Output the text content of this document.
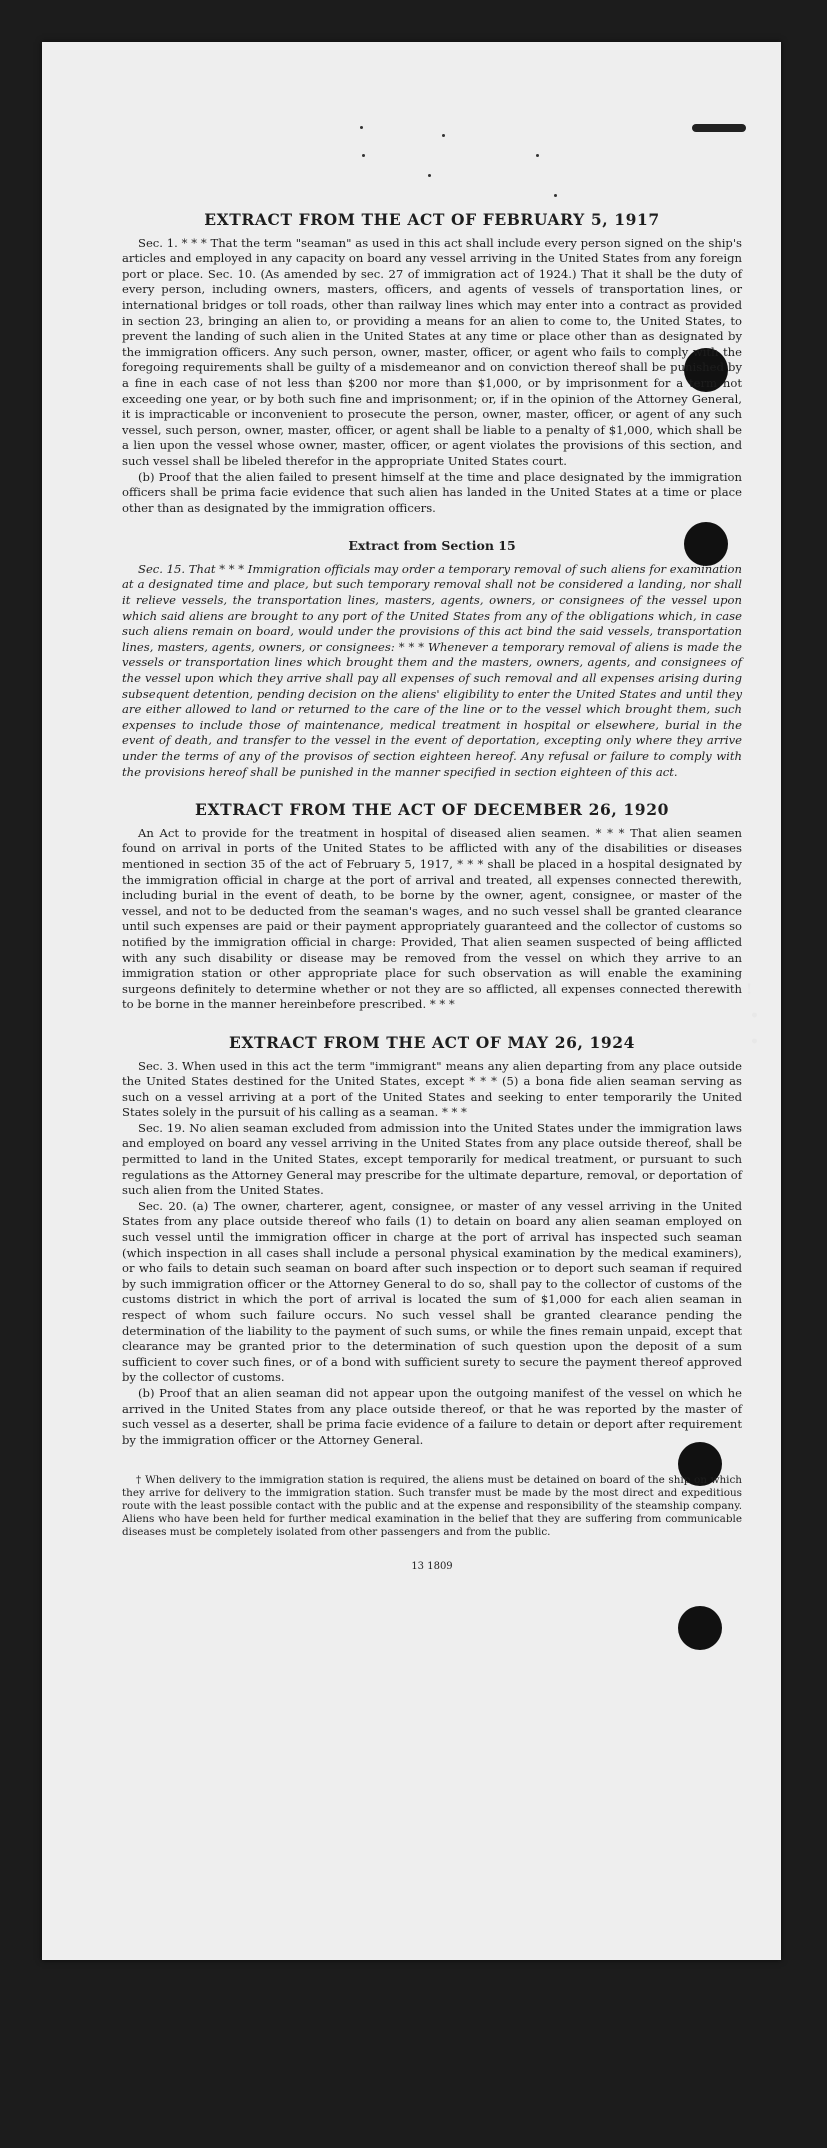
EXTRACT FROM THE ACT OF FEBRUARY 5, 1917

Sec. 1. * * * That the term "seaman" as used in this act shall include every person signed on the ship's articles and employed in any capacity on board any vessel arriving in the United States from any foreign port or place. Sec. 10. (As amended by sec. 27 of immigration act of 1924.) That it shall be the duty of every person, including owners, masters, officers, and agents of vessels of transportation lines, or international bridges or toll roads, other than railway lines which may enter into a contract as provided in section 23, bringing an alien to, or providing a means for an alien to come to, the United States, to prevent the landing of such alien in the United States at any time or place other than as designated by the immigration officers. Any such person, owner, master, officer, or agent who fails to comply with the foregoing requirements shall be guilty of a misdemeanor and on conviction thereof shall be punished by a fine in each case of not less than $200 nor more than $1,000, or by imprisonment for a term not exceeding one year, or by both such fine and imprisonment; or, if in the opinion of the Attorney General, it is impracticable or inconvenient to prosecute the person, owner, master, officer, or agent of any such vessel, such person, owner, master, officer, or agent shall be liable to a penalty of $1,000, which shall be a lien upon the vessel whose owner, master, officer, or agent violates the provisions of this section, and such vessel shall be libeled therefor in the appropriate United States court.

(b) Proof that the alien failed to present himself at the time and place designated by the immigration officers shall be prima facie evidence that such alien has landed in the United States at a time or place other than as designated by the immigration officers.

Extract from Section 15

Sec. 15. That * * * Immigration officials may order a temporary removal of such aliens for examination at a designated time and place, but such temporary removal shall not be considered a landing, nor shall it relieve vessels, the transportation lines, masters, agents, owners, or consignees of the vessel upon which said aliens are brought to any port of the United States from any of the obligations which, in case such aliens remain on board, would under the provisions of this act bind the said vessels, transportation lines, masters, agents, owners, or consignees: * * * Whenever a temporary removal of aliens is made the vessels or transportation lines which brought them and the masters, owners, agents, and consignees of the vessel upon which they arrive shall pay all expenses of such removal and all expenses arising during subsequent detention, pending decision on the aliens' eligibility to enter the United States and until they are either allowed to land or returned to the care of the line or to the vessel which brought them, such expenses to include those of maintenance, medical treatment in hospital or elsewhere, burial in the event of death, and transfer to the vessel in the event of deportation, excepting only where they arrive under the terms of any of the provisos of section eighteen hereof. Any refusal or failure to comply with the provisions hereof shall be punished in the manner specified in section eighteen of this act.

EXTRACT FROM THE ACT OF DECEMBER 26, 1920

An Act to provide for the treatment in hospital of diseased alien seamen. * * * That alien seamen found on arrival in ports of the United States to be afflicted with any of the disabilities or diseases mentioned in section 35 of the act of February 5, 1917, * * * shall be placed in a hospital designated by the immigration official in charge at the port of arrival and treated, all expenses connected therewith, including burial in the event of death, to be borne by the owner, agent, consignee, or master of the vessel, and not to be deducted from the seaman's wages, and no such vessel shall be granted clearance until such expenses are paid or their payment appropriately guaranteed and the collector of customs so notified by the immigration official in charge: Provided, That alien seamen suspected of being afflicted with any such disability or disease may be removed from the vessel on which they arrive to an immigration station or other appropriate place for such observation as will enable the examining surgeons definitely to determine whether or not they are so afflicted, all expenses connected therewith to be borne in the manner hereinbefore prescribed. * * *

EXTRACT FROM THE ACT OF MAY 26, 1924

Sec. 3. When used in this act the term "immigrant" means any alien departing from any place outside the United States destined for the United States, except * * * (5) a bona fide alien seaman serving as such on a vessel arriving at a port of the United States and seeking to enter temporarily the United States solely in the pursuit of his calling as a seaman. * * *

Sec. 19. No alien seaman excluded from admission into the United States under the immigration laws and employed on board any vessel arriving in the United States from any place outside thereof, shall be permitted to land in the United States, except temporarily for medical treatment, or pursuant to such regulations as the Attorney General may prescribe for the ultimate departure, removal, or deportation of such alien from the United States.

Sec. 20. (a) The owner, charterer, agent, consignee, or master of any vessel arriving in the United States from any place outside thereof who fails (1) to detain on board any alien seaman employed on such vessel until the immigration officer in charge at the port of arrival has inspected such seaman (which inspection in all cases shall include a personal physical examination by the medical examiners), or who fails to detain such seaman on board after such inspection or to deport such seaman if required by such immigration officer or the Attorney General to do so, shall pay to the collector of customs of the customs district in which the port of arrival is located the sum of $1,000 for each alien seaman in respect of whom such failure occurs. No such vessel shall be granted clearance pending the determination of the liability to the payment of such sums, or while the fines remain unpaid, except that clearance may be granted prior to the determination of such question upon the deposit of a sum sufficient to cover such fines, or of a bond with sufficient surety to secure the payment thereof approved by the collector of customs.

(b) Proof that an alien seaman did not appear upon the outgoing manifest of the vessel on which he arrived in the United States from any place outside thereof, or that he was reported by the master of such vessel as a deserter, shall be prima facie evidence of a failure to detain or deport after requirement by the immigration officer or the Attorney General.

† When delivery to the immigration station is required, the aliens must be detained on board of the ship on which they arrive for delivery to the immigration station. Such transfer must be made by the most direct and expeditious route with the least possible contact with the public and at the expense and responsibility of the steamship company. Aliens who have been held for further medical examination in the belief that they are suffering from communicable diseases must be completely isolated from other passengers and from the public.

13 1809
!
•
•
